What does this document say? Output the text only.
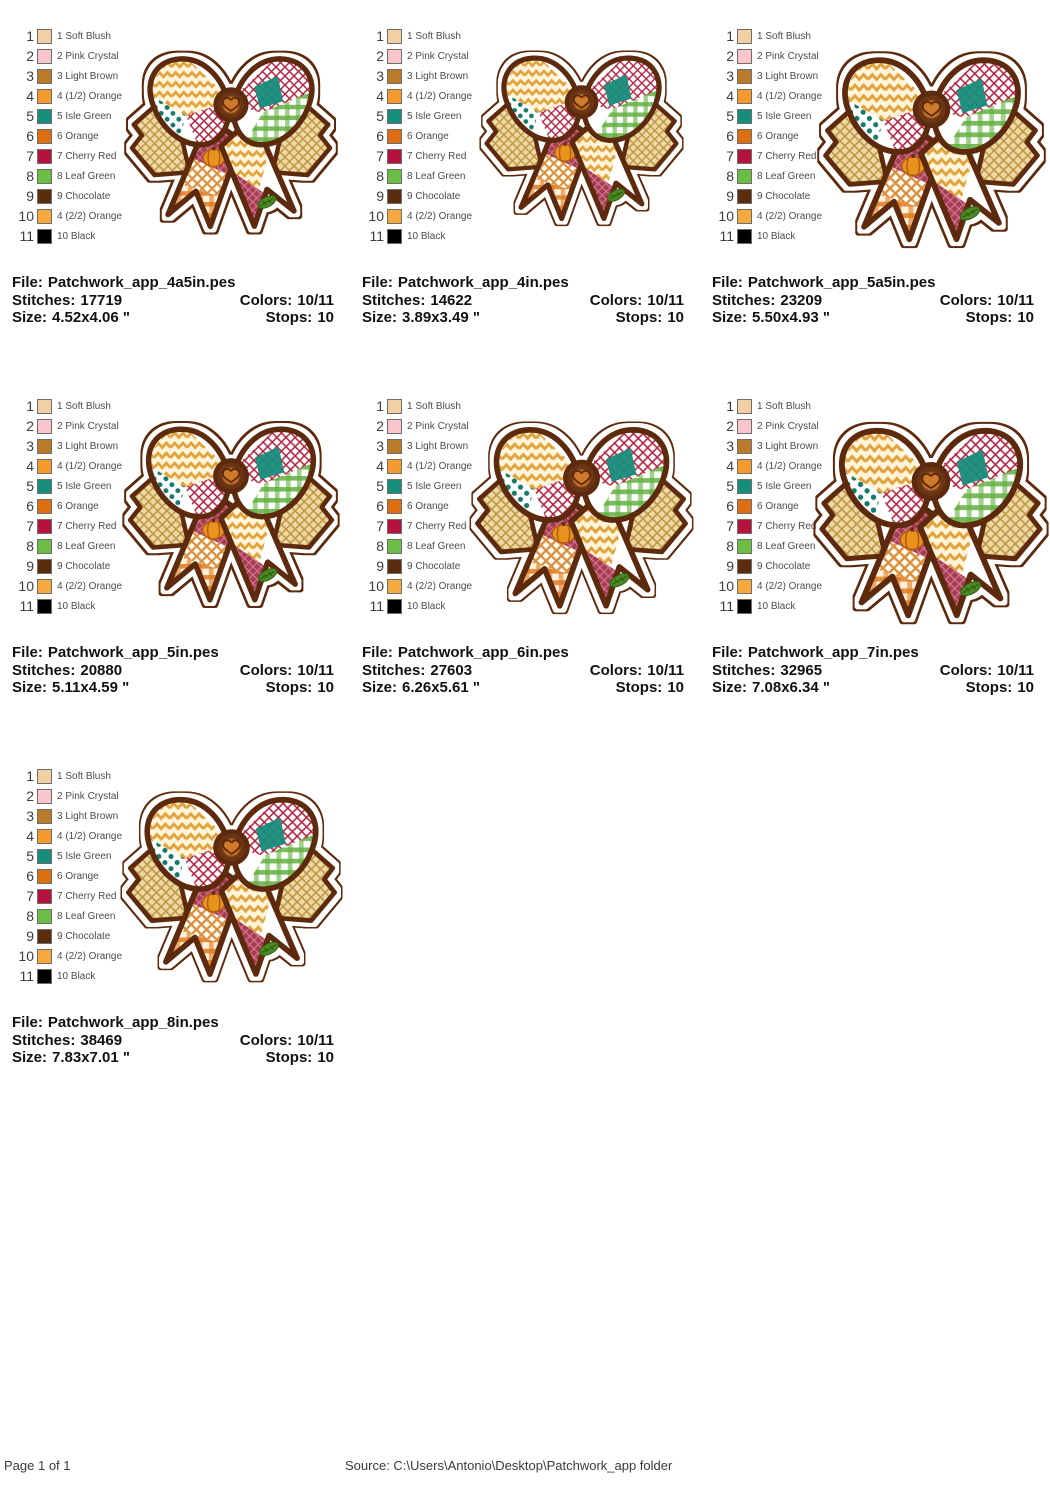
1 1 Soft Blush
2 2 Pink Crystal
3 3 Light Brown
4 4 (1/2) Orange
5 5 Isle Green
6 6 Orange
7 7 Cherry Red
8 8 Leaf Green
9 9 Chocolate
10 4 (2/2) Orange
11 10 Black
File: Patchwork_app_4a5in.pes
Stitches: 17719	Colors: 10/11
Size: 4.52x4.06 "	Stops: 10
1 1 Soft Blush
2 2 Pink Crystal
3 3 Light Brown
4 4 (1/2) Orange
5 5 Isle Green
6 6 Orange
7 7 Cherry Red
8 8 Leaf Green
9 9 Chocolate
10 4 (2/2) Orange
11 10 Black
File: Patchwork_app_4in.pes
Stitches: 14622	Colors: 10/11
Size: 3.89x3.49 "	Stops: 10
1 1 Soft Blush
2 2 Pink Crystal
3 3 Light Brown
4 4 (1/2) Orange
5 5 Isle Green
6 6 Orange
7 7 Cherry Red
8 8 Leaf Green
9 9 Chocolate
10 4 (2/2) Orange
11 10 Black
File: Patchwork_app_5a5in.pes
Stitches: 23209	Colors: 10/11
Size: 5.50x4.93 "	Stops: 10
1 1 Soft Blush
2 2 Pink Crystal
3 3 Light Brown
4 4 (1/2) Orange
5 5 Isle Green
6 6 Orange
7 7 Cherry Red
8 8 Leaf Green
9 9 Chocolate
10 4 (2/2) Orange
11 10 Black
File: Patchwork_app_5in.pes
Stitches: 20880	Colors: 10/11
Size: 5.11x4.59 "	Stops: 10
1 1 Soft Blush
2 2 Pink Crystal
3 3 Light Brown
4 4 (1/2) Orange
5 5 Isle Green
6 6 Orange
7 7 Cherry Red
8 8 Leaf Green
9 9 Chocolate
10 4 (2/2) Orange
11 10 Black
File: Patchwork_app_6in.pes
Stitches: 27603	Colors: 10/11
Size: 6.26x5.61 "	Stops: 10
1 1 Soft Blush
2 2 Pink Crystal
3 3 Light Brown
4 4 (1/2) Orange
5 5 Isle Green
6 6 Orange
7 7 Cherry Red
8 8 Leaf Green
9 9 Chocolate
10 4 (2/2) Orange
11 10 Black
File: Patchwork_app_7in.pes
Stitches: 32965	Colors: 10/11
Size: 7.08x6.34 "	Stops: 10
1 1 Soft Blush
2 2 Pink Crystal
3 3 Light Brown
4 4 (1/2) Orange
5 5 Isle Green
6 6 Orange
7 7 Cherry Red
8 8 Leaf Green
9 9 Chocolate
10 4 (2/2) Orange
11 10 Black
File: Patchwork_app_8in.pes
Stitches: 38469	Colors: 10/11
Size: 7.83x7.01 "	Stops: 10
Page 1 of 1	Source: C:\Users\Antonio\Desktop\Patchwork_app folder
